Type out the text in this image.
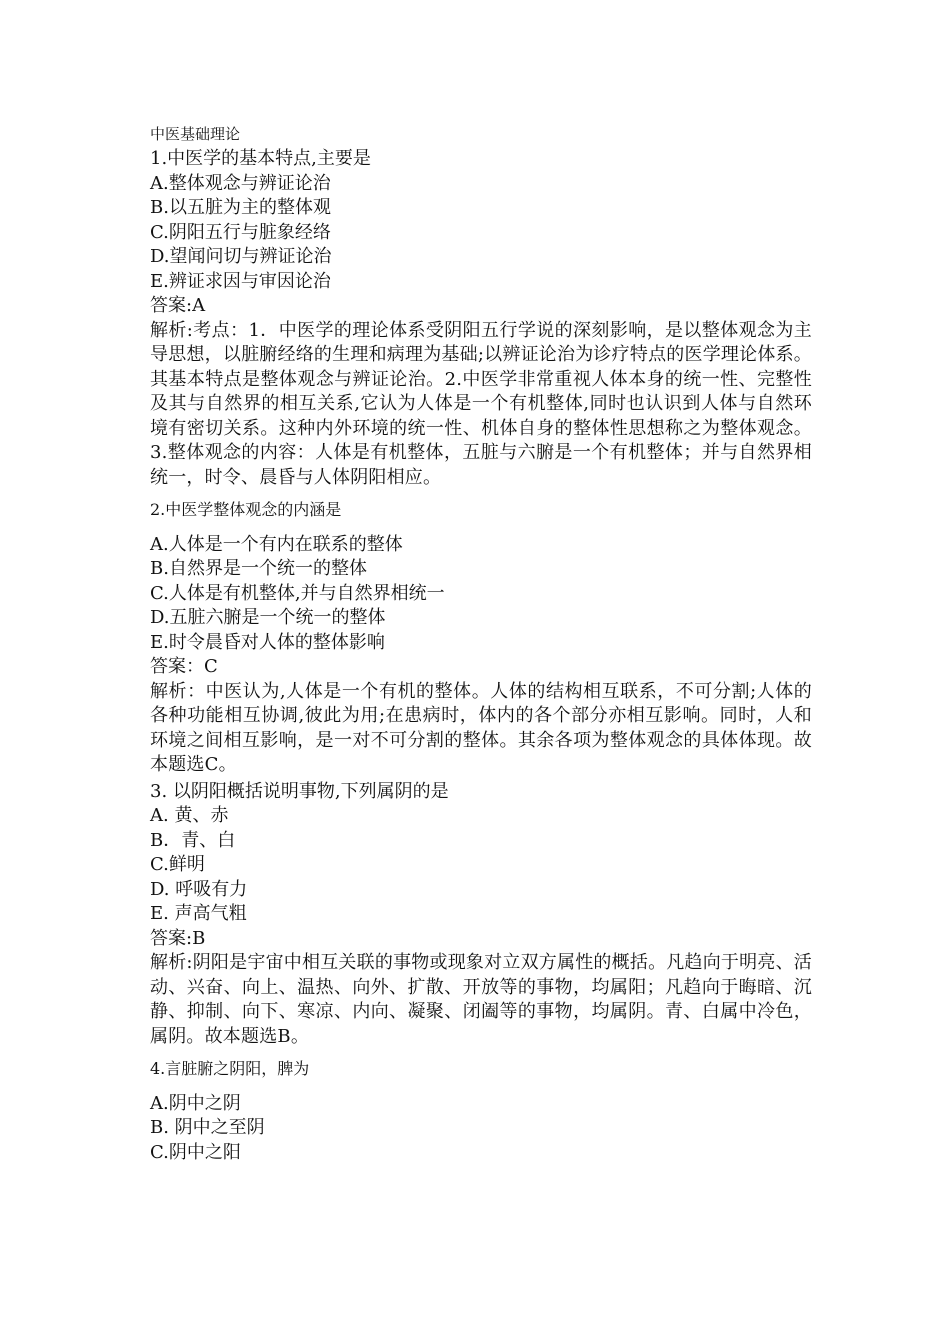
中医基础理论

1.中医学的基本特点,主要是

A.整体观念与辨证论治

B.以五脏为主的整体观

C.阴阳五行与脏象经络

D.望闻问切与辨证论治

E.辨证求因与审因论治

答案:A

解析:考点：1．中医学的理论体系受阴阳五行学说的深刻影响，是以整体观念为主导思想，以脏腑经络的生理和病理为基础;以辨证论治为诊疗特点的医学理论体系。其基本特点是整体观念与辨证论治。2.中医学非常重视人体本身的统一性、完整性及其与自然界的相互关系,它认为人体是一个有机整体,同时也认识到人体与自然环境有密切关系。这种内外环境的统一性、机体自身的整体性思想称之为整体观念。3.整体观念的内容：人体是有机整体，五脏与六腑是一个有机整体；并与自然界相统一，时令、晨昏与人体阴阳相应。

2.中医学整体观念的内涵是

A.人体是一个有内在联系的整体

B.自然界是一个统一的整体

C.人体是有机整体,并与自然界相统一

D.五脏六腑是一个统一的整体

E.时令晨昏对人体的整体影响

答案：C

解析：中医认为,人体是一个有机的整体。人体的结构相互联系，不可分割;人体的各种功能相互协调,彼此为用;在患病时，体内的各个部分亦相互影响。同时，人和环境之间相互影响，是一对不可分割的整体。其余各项为整体观念的具体体现。故本题选C。

3. 以阴阳概括说明事物,下列属阴的是

A. 黄、赤

B．青、白

C.鲜明

D. 呼吸有力

E. 声高气粗

答案:B

解析:阴阳是宇宙中相互关联的事物或现象对立双方属性的概括。凡趋向于明亮、活动、兴奋、向上、温热、向外、扩散、开放等的事物，均属阳；凡趋向于晦暗、沉静、抑制、向下、寒凉、内向、凝聚、闭阖等的事物，均属阴。青、白属中冷色，属阴。故本题选B。

4.言脏腑之阴阳，脾为

A.阴中之阴

B. 阴中之至阴

C.阴中之阳
